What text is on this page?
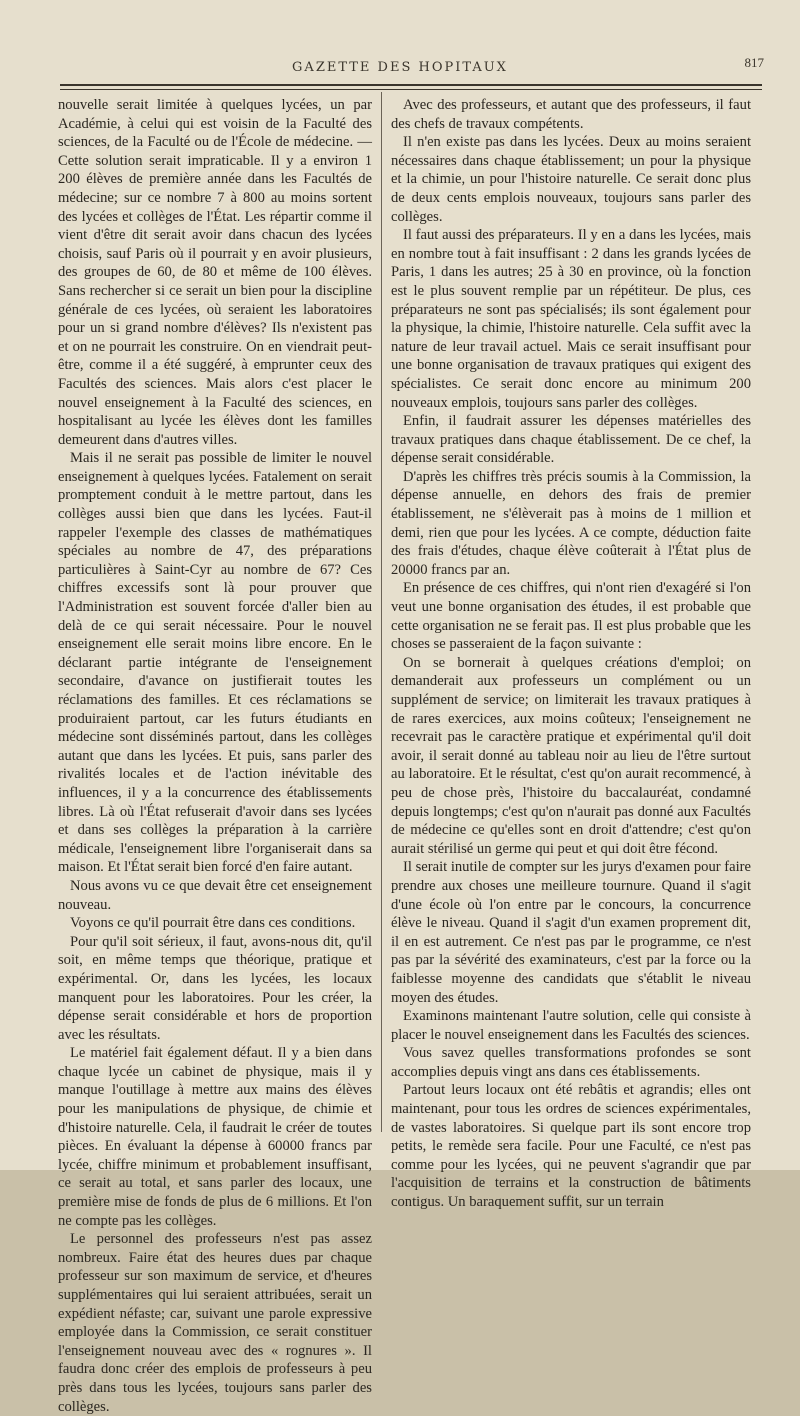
GAZETTE DES HOPITAUX	817

nouvelle serait limitée à quelques lycées, un par Académie, à celui qui est voisin de la Faculté des sciences, de la Faculté ou de l'École de médecine. — Cette solution serait impraticable. Il y a environ 1 200 élèves de première année dans les Facultés de médecine; sur ce nombre 7 à 800 au moins sortent des lycées et collèges de l'État. Les répartir comme il vient d'être dit serait avoir dans chacun des lycées choisis, sauf Paris où il pourrait y en avoir plusieurs, des groupes de 60, de 80 et même de 100 élèves. Sans rechercher si ce serait un bien pour la discipline générale de ces lycées, où seraient les laboratoires pour un si grand nombre d'élèves? Ils n'existent pas et on ne pourrait les construire. On en viendrait peut-être, comme il a été suggéré, à emprunter ceux des Facultés des sciences. Mais alors c'est placer le nouvel enseignement à la Faculté des sciences, en hospitalisant au lycée les élèves dont les familles demeurent dans d'autres villes.

Mais il ne serait pas possible de limiter le nouvel enseignement à quelques lycées. Fatalement on serait promptement conduit à le mettre partout, dans les collèges aussi bien que dans les lycées. Faut-il rappeler l'exemple des classes de mathématiques spéciales au nombre de 47, des préparations particulières à Saint-Cyr au nombre de 67? Ces chiffres excessifs sont là pour prouver que l'Administration est souvent forcée d'aller bien au delà de ce qui serait nécessaire. Pour le nouvel enseignement elle serait moins libre encore. En le déclarant partie intégrante de l'enseignement secondaire, d'avance on justifierait toutes les réclamations des familles. Et ces réclamations se produiraient partout, car les futurs étudiants en médecine sont disséminés partout, dans les collèges autant que dans les lycées. Et puis, sans parler des rivalités locales et de l'action inévitable des influences, il y a la concurrence des établissements libres. Là où l'État refuserait d'avoir dans ses lycées et dans ses collèges la préparation à la carrière médicale, l'enseignement libre l'organiserait dans sa maison. Et l'État serait bien forcé d'en faire autant.

Nous avons vu ce que devait être cet enseignement nouveau.

Voyons ce qu'il pourrait être dans ces conditions.

Pour qu'il soit sérieux, il faut, avons-nous dit, qu'il soit, en même temps que théorique, pratique et expérimental. Or, dans les lycées, les locaux manquent pour les laboratoires. Pour les créer, la dépense serait considérable et hors de proportion avec les résultats.

Le matériel fait également défaut. Il y a bien dans chaque lycée un cabinet de physique, mais il y manque l'outillage à mettre aux mains des élèves pour les manipulations de physique, de chimie et d'histoire naturelle. Cela, il faudrait le créer de toutes pièces. En évaluant la dépense à 60000 francs par lycée, chiffre minimum et probablement insuffisant, ce serait au total, et sans parler des locaux, une première mise de fonds de plus de 6 millions. Et l'on ne compte pas les collèges.

Le personnel des professeurs n'est pas assez nombreux. Faire état des heures dues par chaque professeur sur son maximum de service, et d'heures supplémentaires qui lui seraient attribuées, serait un expédient néfaste; car, suivant une parole expressive employée dans la Commission, ce serait constituer l'enseignement nouveau avec des « rognures ». Il faudra donc créer des emplois de professeurs à peu près dans tous les lycées, toujours sans parler des collèges.

Avec des professeurs, et autant que des professeurs, il faut des chefs de travaux compétents.

Il n'en existe pas dans les lycées. Deux au moins seraient nécessaires dans chaque établissement; un pour la physique et la chimie, un pour l'histoire naturelle. Ce serait donc plus de deux cents emplois nouveaux, toujours sans parler des collèges.

Il faut aussi des préparateurs. Il y en a dans les lycées, mais en nombre tout à fait insuffisant : 2 dans les grands lycées de Paris, 1 dans les autres; 25 à 30 en province, où la fonction est le plus souvent remplie par un répétiteur. De plus, ces préparateurs ne sont pas spécialisés; ils sont également pour la physique, la chimie, l'histoire naturelle. Cela suffit avec la nature de leur travail actuel. Mais ce serait insuffisant pour une bonne organisation de travaux pratiques qui exigent des spécialistes. Ce serait donc encore au minimum 200 nouveaux emplois, toujours sans parler des collèges.

Enfin, il faudrait assurer les dépenses matérielles des travaux pratiques dans chaque établissement. De ce chef, la dépense serait considérable.

D'après les chiffres très précis soumis à la Commission, la dépense annuelle, en dehors des frais de premier établissement, ne s'élèverait pas à moins de 1 million et demi, rien que pour les lycées. A ce compte, déduction faite des frais d'études, chaque élève coûterait à l'État plus de 20000 francs par an.

En présence de ces chiffres, qui n'ont rien d'exagéré si l'on veut une bonne organisation des études, il est probable que cette organisation ne se ferait pas. Il est plus probable que les choses se passeraient de la façon suivante :

On se bornerait à quelques créations d'emploi; on demanderait aux professeurs un complément ou un supplément de service; on limiterait les travaux pratiques à de rares exercices, aux moins coûteux; l'enseignement ne recevrait pas le caractère pratique et expérimental qu'il doit avoir, il serait donné au tableau noir au lieu de l'être surtout au laboratoire. Et le résultat, c'est qu'on aurait recommencé, à peu de chose près, l'histoire du baccalauréat, condamné depuis longtemps; c'est qu'on n'aurait pas donné aux Facultés de médecine ce qu'elles sont en droit d'attendre; c'est qu'on aurait stérilisé un germe qui peut et qui doit être fécond.

Il serait inutile de compter sur les jurys d'examen pour faire prendre aux choses une meilleure tournure. Quand il s'agit d'une école où l'on entre par le concours, la concurrence élève le niveau. Quand il s'agit d'un examen proprement dit, il en est autrement. Ce n'est pas par le programme, ce n'est pas par la sévérité des examinateurs, c'est par la force ou la faiblesse moyenne des candidats que s'établit le niveau moyen des études.

Examinons maintenant l'autre solution, celle qui consiste à placer le nouvel enseignement dans les Facultés des sciences.

Vous savez quelles transformations profondes se sont accomplies depuis vingt ans dans ces établissements.

Partout leurs locaux ont été rebâtis et agrandis; elles ont maintenant, pour tous les ordres de sciences expérimentales, de vastes laboratoires. Si quelque part ils sont encore trop petits, le remède sera facile. Pour une Faculté, ce n'est pas comme pour les lycées, qui ne peuvent s'agrandir que par l'acquisition de terrains et la construction de bâtiments contigus. Un baraquement suffit, sur un terrain
